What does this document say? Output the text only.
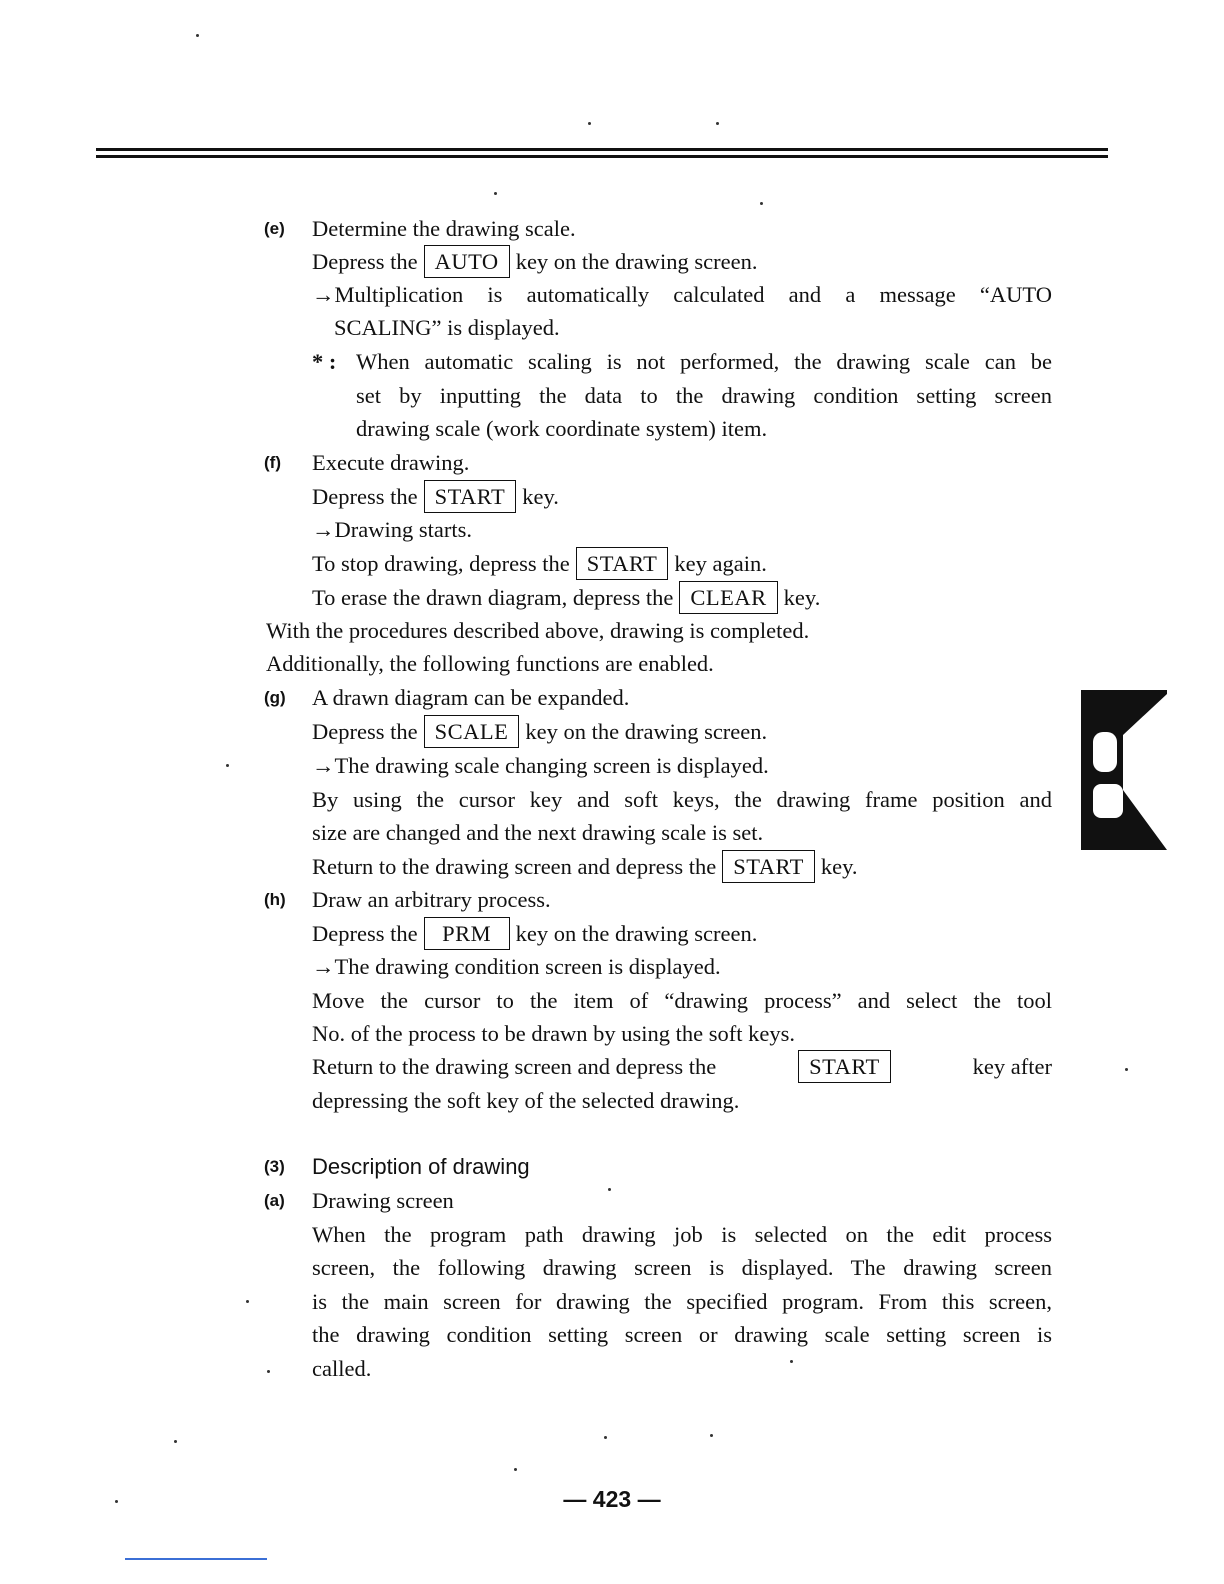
(e)	Determine the drawing scale.
Depress the AUTO key on the drawing screen.
→Multiplication is automatically calculated and a message “AUTO
SCALING” is displayed.
* : When automatic scaling is not performed, the drawing scale can be
set by inputting the data to the drawing condition setting screen
drawing scale (work coordinate system) item.
(f)	Execute drawing.
Depress the START key.
→Drawing starts.
To stop drawing, depress the START key again.
To erase the drawn diagram, depress the CLEAR key.
With the procedures described above, drawing is completed.
Additionally, the following functions are enabled.
(g)	A drawn diagram can be expanded.
Depress the SCALE key on the drawing screen.
→The drawing scale changing screen is displayed.
By using the cursor key and soft keys, the drawing frame position and
size are changed and the next drawing scale is set.
Return to the drawing screen and depress the START key.
(h)	Draw an arbitrary process.
Depress the PRM key on the drawing screen.
→The drawing condition screen is displayed.
Move the cursor to the item of “drawing process” and select the tool
No. of the process to be drawn by using the soft keys.
Return to the drawing screen and depress the	START	key after
depressing the soft key of the selected drawing.
(3)	Description of drawing
(a)	Drawing screen
When the program path drawing job is selected on the edit process
screen, the following drawing screen is displayed. The drawing screen
is the main screen for drawing the specified program. From this screen,
the drawing condition setting screen or drawing scale setting screen is
called.
— 423 —
